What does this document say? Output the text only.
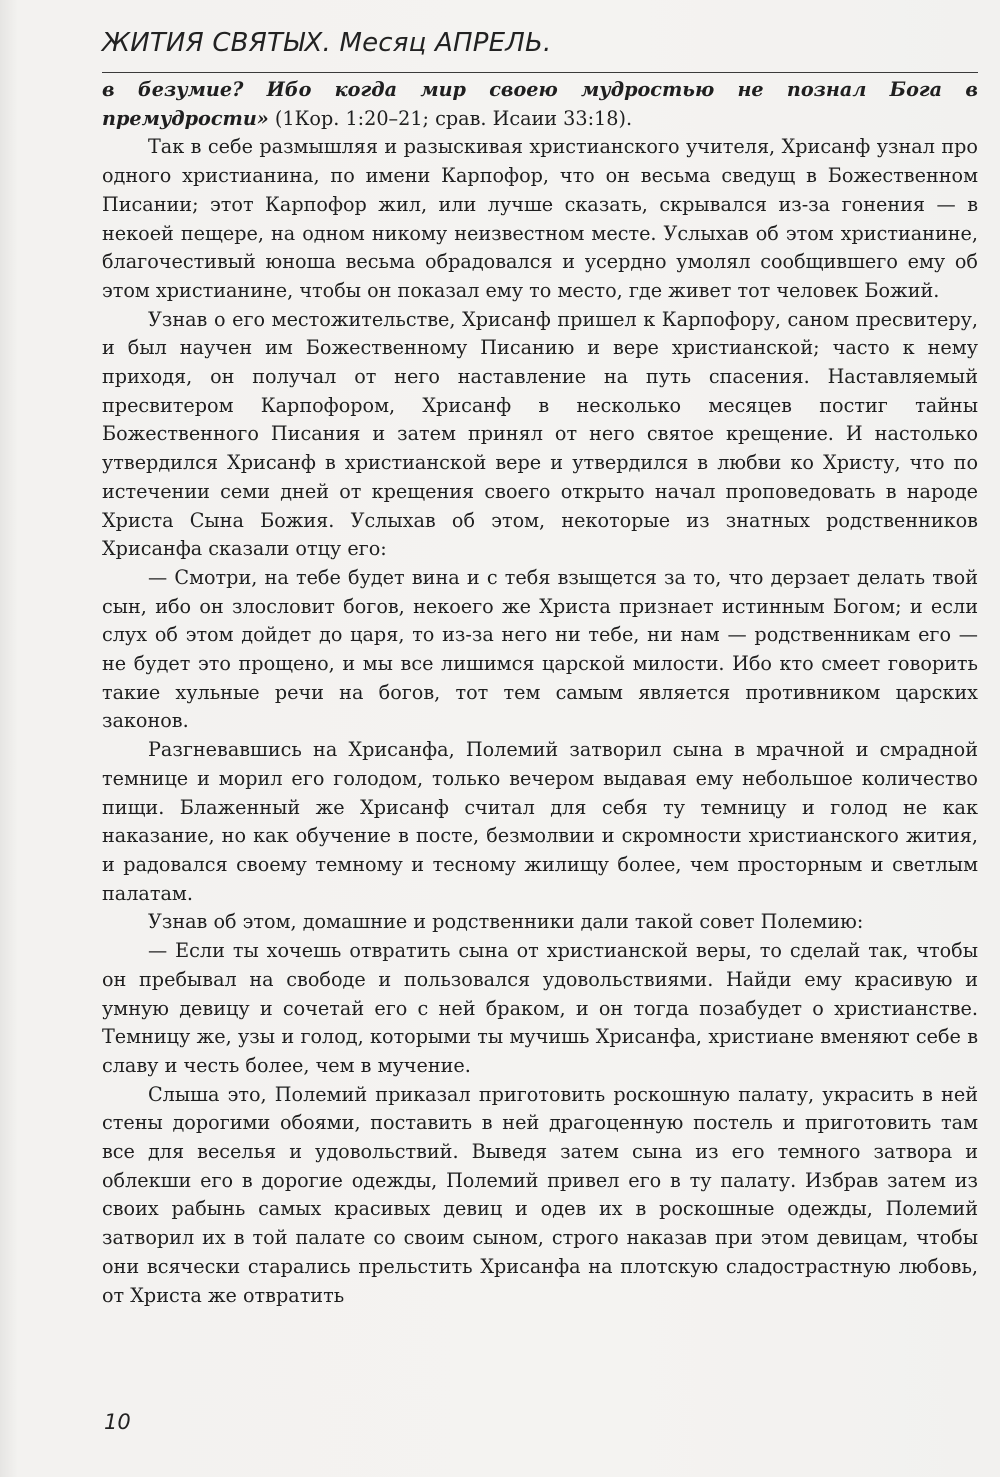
ЖИТИЯ СВЯТЫХ. Месяц АПРЕЛЬ.

в безумие? Ибо когда мир своею мудростью не познал Бога в премудрости» (1Кор. 1:20–21; срав. Исаии 33:18).

Так в себе размышляя и разыскивая христианского учителя, Хрисанф узнал про одного христианина, по имени Карпофор, что он весьма сведущ в Божественном Писании; этот Карпофор жил, или лучше сказать, скрывался из-за гонения — в некоей пещере, на одном никому неизвестном месте. Услыхав об этом христианине, благочестивый юноша весьма обрадовался и усердно умолял сообщившего ему об этом христианине, чтобы он показал ему то место, где живет тот человек Божий.

Узнав о его местожительстве, Хрисанф пришел к Карпофору, саном пресвитеру, и был научен им Божественному Писанию и вере христианской; часто к нему приходя, он получал от него наставление на путь спасения. Наставляемый пресвитером Карпофором, Хрисанф в несколько месяцев постиг тайны Божественного Писания и затем принял от него святое крещение. И настолько утвердился Хрисанф в христианской вере и утвердился в любви ко Христу, что по истечении семи дней от крещения своего открыто начал проповедовать в народе Христа Сына Божия. Услыхав об этом, некоторые из знатных родственников Хрисанфа сказали отцу его:

— Смотри, на тебе будет вина и с тебя взыщется за то, что дерзает делать твой сын, ибо он злословит богов, некоего же Христа признает истинным Богом; и если слух об этом дойдет до царя, то из-за него ни тебе, ни нам — родственникам его — не будет это прощено, и мы все лишимся царской милости. Ибо кто смеет говорить такие хульные речи на богов, тот тем самым является противником царских законов.

Разгневавшись на Хрисанфа, Полемий затворил сына в мрачной и смрадной темнице и морил его голодом, только вечером выдавая ему небольшое количество пищи. Блаженный же Хрисанф считал для себя ту темницу и голод не как наказание, но как обучение в посте, безмолвии и скромности христианского жития, и радовался своему темному и тесному жилищу более, чем просторным и светлым палатам.

Узнав об этом, домашние и родственники дали такой совет Полемию:

— Если ты хочешь отвратить сына от христианской веры, то сделай так, чтобы он пребывал на свободе и пользовался удовольствиями. Найди ему красивую и умную девицу и сочетай его с ней браком, и он тогда позабудет о христианстве. Темницу же, узы и голод, которыми ты мучишь Хрисанфа, христиане вменяют себе в славу и честь более, чем в мучение.

Слыша это, Полемий приказал приготовить роскошную палату, украсить в ней стены дорогими обоями, поставить в ней драгоценную постель и приготовить там все для веселья и удовольствий. Выведя затем сына из его темного затвора и облекши его в дорогие одежды, Полемий привел его в ту палату. Избрав затем из своих рабынь самых красивых девиц и одев их в роскошные одежды, Полемий затворил их в той палате со своим сыном, строго наказав при этом девицам, чтобы они всячески старались прельстить Хрисанфа на плотскую сладострастную любовь, от Христа же отвратить

10
